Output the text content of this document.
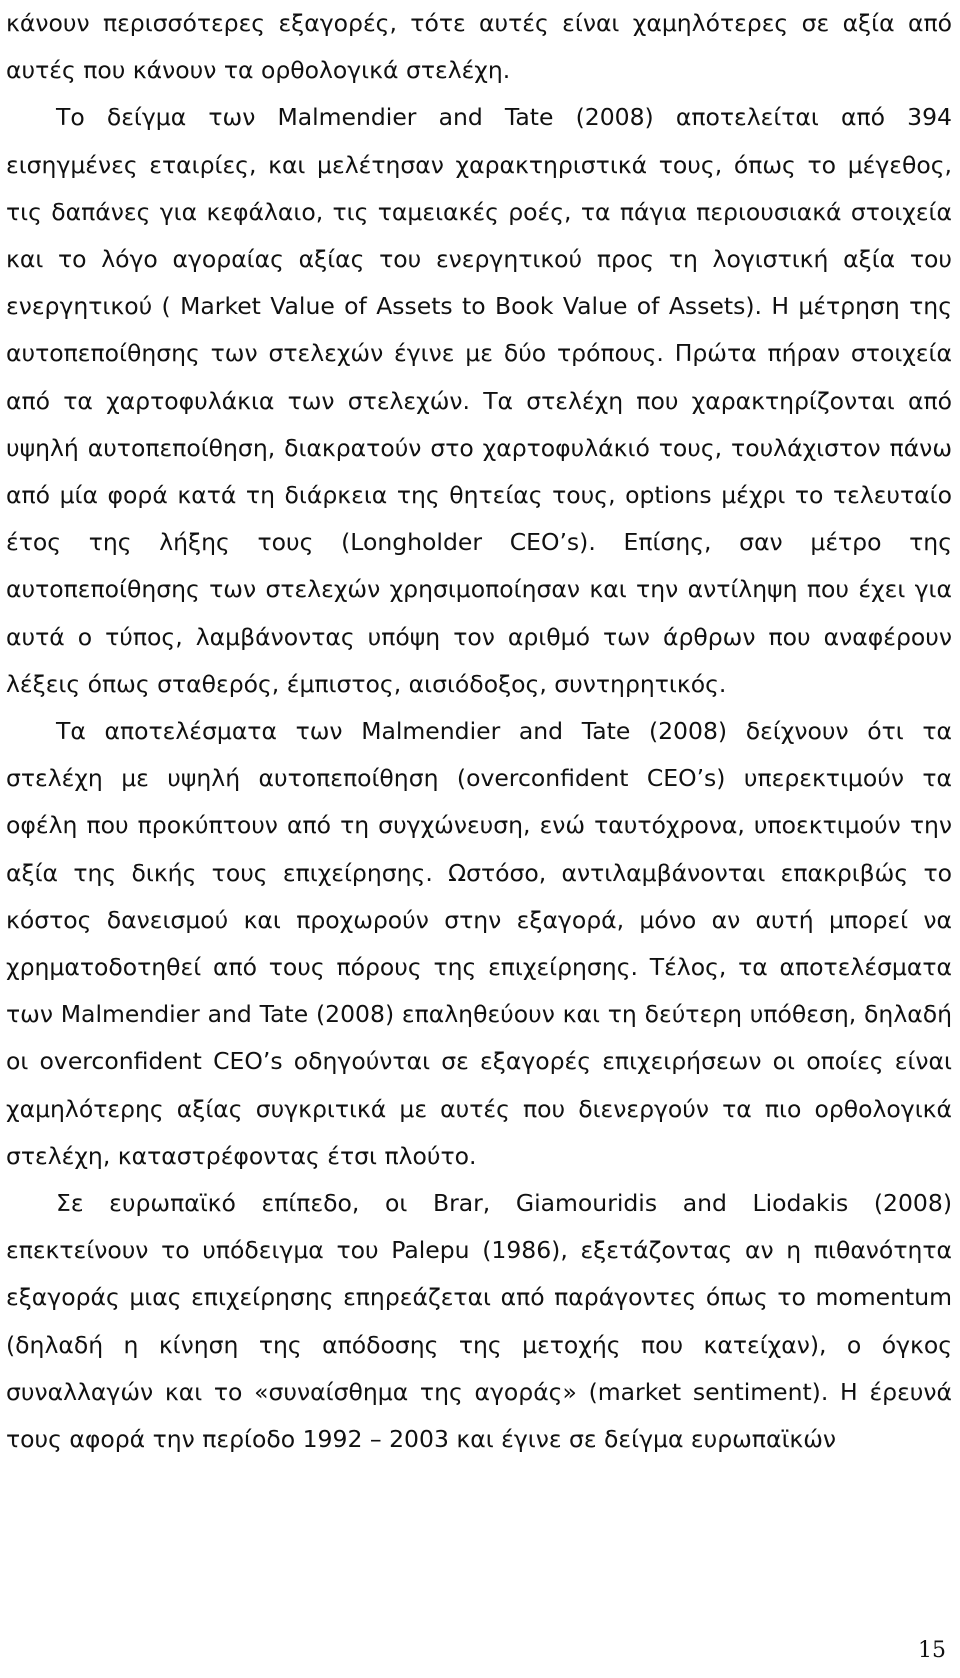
κάνουν περισσότερες εξαγορές, τότε αυτές είναι χαμηλότερες σε αξία από αυτές που κάνουν τα ορθολογικά στελέχη.

Το δείγμα των Malmendier and Tate (2008) αποτελείται από 394 εισηγμένες εταιρίες, και μελέτησαν χαρακτηριστικά τους, όπως το μέγεθος, τις δαπάνες για κεφάλαιο, τις ταμειακές ροές, τα πάγια περιουσιακά στοιχεία και το λόγο αγοραίας αξίας του ενεργητικού προς τη λογιστική αξία του ενεργητικού ( Market Value of Assets to Book Value of Assets). Η μέτρηση της αυτοπεποίθησης των στελεχών έγινε με δύο τρόπους. Πρώτα πήραν στοιχεία από τα χαρτοφυλάκια των στελεχών. Τα στελέχη που χαρακτηρίζονται από υψηλή αυτοπεποίθηση, διακρατούν στο χαρτοφυλάκιό τους, τουλάχιστον πάνω από μία φορά κατά τη διάρκεια της θητείας τους, options μέχρι το τελευταίο έτος της λήξης τους (Longholder CEO’s). Επίσης, σαν μέτρο της αυτοπεποίθησης των στελεχών χρησιμοποίησαν και την αντίληψη που έχει για αυτά ο τύπος, λαμβάνοντας υπόψη τον αριθμό των άρθρων που αναφέρουν λέξεις όπως σταθερός, έμπιστος, αισιόδοξος, συντηρητικός.

Τα αποτελέσματα των Malmendier and Tate (2008) δείχνουν ότι τα στελέχη με υψηλή αυτοπεποίθηση (overconfident CEO’s) υπερεκτιμούν τα οφέλη που προκύπτουν από τη συγχώνευση, ενώ ταυτόχρονα, υποεκτιμούν την αξία της δικής τους επιχείρησης. Ωστόσο, αντιλαμβάνονται επακριβώς το κόστος δανεισμού και προχωρούν στην εξαγορά, μόνο αν αυτή μπορεί να χρηματοδοτηθεί από τους πόρους της επιχείρησης. Τέλος, τα αποτελέσματα των Malmendier and Tate (2008) επαληθεύουν και τη δεύτερη υπόθεση, δηλαδή οι overconfident CEO’s οδηγούνται σε εξαγορές επιχειρήσεων οι οποίες είναι χαμηλότερης αξίας συγκριτικά με αυτές που διενεργούν τα πιο ορθολογικά στελέχη, καταστρέφοντας έτσι πλούτο.

Σε ευρωπαϊκό επίπεδο, οι Brar, Giamouridis and Liodakis (2008) επεκτείνουν το υπόδειγμα του Palepu (1986), εξετάζοντας αν η πιθανότητα εξαγοράς μιας επιχείρησης επηρεάζεται από παράγοντες όπως το momentum (δηλαδή η κίνηση της απόδοσης της μετοχής που κατείχαν), ο όγκος συναλλαγών και το «συναίσθημα της αγοράς» (market sentiment). Η έρευνά τους αφορά την περίοδο 1992 – 2003 και έγινε σε δείγμα ευρωπαϊκών

15
